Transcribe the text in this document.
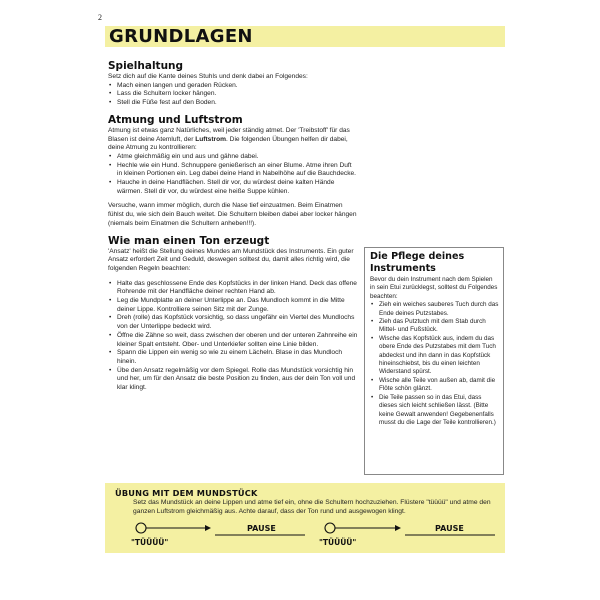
2
GRUNDLAGEN
Spielhaltung
Setz dich auf die Kante deines Stuhls und denk dabei an Folgendes:
• Mach einen langen und geraden Rücken.
• Lass die Schultern locker hängen.
• Stell die Füße fest auf den Boden.
Atmung und Luftstrom
Atmung ist etwas ganz Natürliches, weil jeder ständig atmet. Der 'Treibstoff' für das Blasen ist deine Atemluft, der Luftstrom. Die folgenden Übungen helfen dir dabei, deine Atmung zu kontrollieren:
• Atme gleichmäßig ein und aus und gähne dabei.
• Hechle wie ein Hund. Schnuppere genießerisch an einer Blume. Atme ihren Duft in kleinen Portionen ein. Leg dabei deine Hand in Nabelhöhe auf die Bauchdecke.
• Hauche in deine Handflächen. Stell dir vor, du würdest deine kalten Hände wärmen. Stell dir vor, du würdest eine heiße Suppe kühlen.
Versuche, wann immer möglich, durch die Nase tief einzuatmen. Beim Einatmen fühlst du, wie sich dein Bauch weitet. Die Schultern bleiben dabei aber locker hängen (niemals beim Einatmen die Schultern anheben!!!).
Wie man einen Ton erzeugt
'Ansatz' heißt die Stellung deines Mundes am Mundstück des Instruments. Ein guter Ansatz erfordert Zeit und Geduld, deswegen solltest du, damit alles richtig wird, die folgenden Regeln beachten:
• Halte das geschlossene Ende des Kopfstücks in der linken Hand. Deck das offene Rohrende mit der Handfläche deiner rechten Hand ab.
• Leg die Mundplatte an deiner Unterlippe an. Das Mundloch kommt in die Mitte deiner Lippe. Kontrolliere seinen Sitz mit der Zunge.
• Dreh (rolle) das Kopfstück vorsichtig, so dass ungefähr ein Viertel des Mundlochs von der Unterlippe bedeckt wird.
• Öffne die Zähne so weit, dass zwischen der oberen und der unteren Zahnreihe ein kleiner Spalt entsteht. Ober- und Unterkiefer sollten eine Linie bilden.
• Spann die Lippen ein wenig so wie zu einem Lächeln. Blase in das Mundloch hinein.
• Übe den Ansatz regelmäßig vor dem Spiegel. Rolle das Mundstück vorsichtig hin und her, um für den Ansatz die beste Position zu finden, aus der dein Ton voll und klar klingt.
Die Pflege deines Instruments
Bevor du dein Instrument nach dem Spielen in sein Etui zurücklegst, solltest du Folgendes beachten:
• Zieh ein weiches sauberes Tuch durch das Ende deines Putzstabes.
• Zieh das Putztuch mit dem Stab durch Mittel- und Fußstück.
• Wische das Kopfstück aus, indem du das obere Ende des Putzstabes mit dem Tuch abdeckst und ihn dann in das Kopfstück hineinschiebst, bis du einen leichten Widerstand spürst.
• Wische alle Teile von außen ab, damit die Flöte schön glänzt.
• Die Teile passen so in das Etui, dass dieses sich leicht schließen lässt. (Bitte keine Gewalt anwenden! Gegebenenfalls musst du die Lage der Teile kontrollieren.)
ÜBUNG MIT DEM MUNDSTÜCK
Setz das Mundstück an deine Lippen und atme tief ein, ohne die Schultern hochzuziehen. Flüstere "tüüüü" und atme den ganzen Luftstrom gleichmäßig aus. Achte darauf, dass der Ton rund und ausgewogen klingt.
PAUSE	PAUSE
"TÜÜÜÜ"	"TÜÜÜÜ"
